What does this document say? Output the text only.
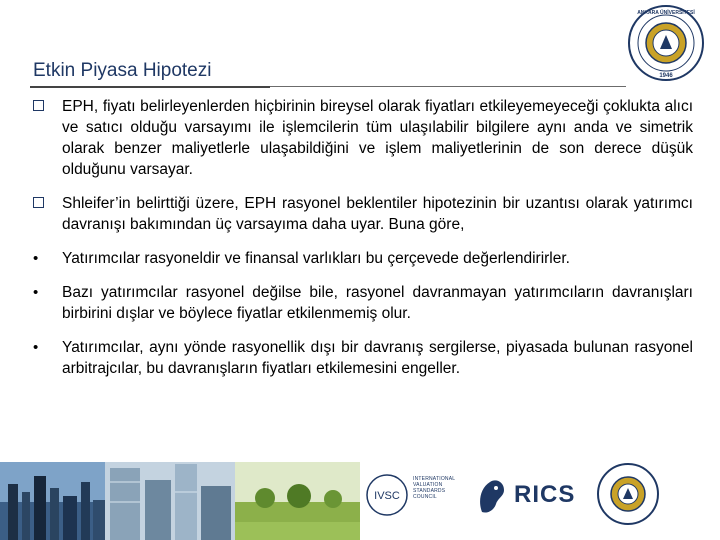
Etkin Piyasa Hipotezi	1946
ANKARA ÜNİVERSİTESİ
EPH, fiyatı belirleyenlerden hiçbirinin bireysel olarak fiyatları etkileyemeyeceği çoklukta alıcı ve satıcı olduğu varsayımı ile işlemcilerin tüm ulaşılabilir bilgilere aynı anda ve simetrik olarak benzer maliyetlerle ulaşabildiğini ve işlem maliyetlerinin de son derece düşük olduğunu varsayar.
Shleifer’in belirttiği üzere, EPH rasyonel beklentiler hipotezinin bir uzantısı olarak yatırımcı davranışı bakımından üç varsayıma daha uyar. Buna göre,
• Yatırımcılar rasyoneldir ve finansal varlıkları bu çerçevede değerlendirirler.
• Bazı yatırımcılar rasyonel değilse bile, rasyonel davranmayan yatırımcıların davranışları birbirini dışlar ve böylece fiyatlar etkilenmemiş olur.
• Yatırımcılar, aynı yönde rasyonellik dışı bir davranış sergilerse, piyasada bulunan rasyonel arbitrajcılar, bu davranışların fiyatları etkilemesini engeller.
IVSC
INTERNATIONAL
VALUATION
STANDARDS
COUNCIL	RICS
